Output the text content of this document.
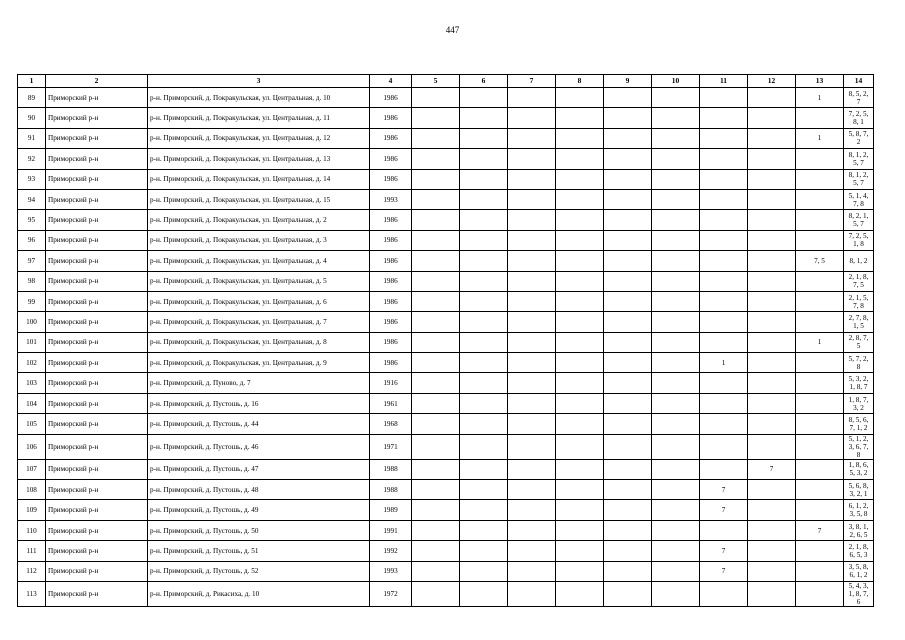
447
1	2	3	4	5	6	7	8	9	10	11	12	13	14
89	Приморский р-н	р-н. Приморский, д. Покракульская, ул. Центральная, д. 10	1986									1	8, 5, 2, 7
90	Приморский р-н	р-н. Приморский, д. Покракульская, ул. Центральная, д. 11	1986										7, 2, 5, 8, 1
91	Приморский р-н	р-н. Приморский, д. Покракульская, ул. Центральная, д. 12	1986									1	5, 8, 7, 2
92	Приморский р-н	р-н. Приморский, д. Покракульская, ул. Центральная, д. 13	1986										8, 1, 2, 5, 7
93	Приморский р-н	р-н. Приморский, д. Покракульская, ул. Центральная, д. 14	1986										8, 1, 2, 5, 7
94	Приморский р-н	р-н. Приморский, д. Покракульская, ул. Центральная, д. 15	1993										5, 1, 4, 7, 8
95	Приморский р-н	р-н. Приморский, д. Покракульская, ул. Центральная, д. 2	1986										8, 2, 1, 5, 7
96	Приморский р-н	р-н. Приморский, д. Покракульская, ул. Центральная, д. 3	1986										7, 2, 5, 1, 8
97	Приморский р-н	р-н. Приморский, д. Покракульская, ул. Центральная, д. 4	1986									7, 5	8, 1, 2
98	Приморский р-н	р-н. Приморский, д. Покракульская, ул. Центральная, д. 5	1986										2, 1, 8, 7, 5
99	Приморский р-н	р-н. Приморский, д. Покракульская, ул. Центральная, д. 6	1986										2, 1, 5, 7, 8
100	Приморский р-н	р-н. Приморский, д. Покракульская, ул. Центральная, д. 7	1986										2, 7, 8, 1, 5
101	Приморский р-н	р-н. Приморский, д. Покракульская, ул. Центральная, д. 8	1986									1	2, 8, 7, 5
102	Приморский р-н	р-н. Приморский, д. Покракульская, ул. Центральная, д. 9	1986							1			5, 7, 2, 8
103	Приморский р-н	р-н. Приморский, д. Пуново, д. 7	1916										5, 3, 2, 1, 8, 7
104	Приморский р-н	р-н. Приморский, д. Пустошь, д. 16	1961										1, 8, 7, 3, 2
105	Приморский р-н	р-н. Приморский, д. Пустошь, д. 44	1968										8, 5, 6, 7, 1, 2
106	Приморский р-н	р-н. Приморский, д. Пустошь, д. 46	1971										5, 1, 2, 3, 6, 7, 8
107	Приморский р-н	р-н. Приморский, д. Пустошь, д. 47	1988								7		1, 8, 6, 5, 3, 2
108	Приморский р-н	р-н. Приморский, д. Пустошь, д. 48	1988							7			5, 6, 8, 3, 2, 1
109	Приморский р-н	р-н. Приморский, д. Пустошь, д. 49	1989							7			6, 1, 2, 3, 5, 8
110	Приморский р-н	р-н. Приморский, д. Пустошь, д. 50	1991									7	3, 8, 1, 2, 6, 5
111	Приморский р-н	р-н. Приморский, д. Пустошь, д. 51	1992							7			2, 1, 8, 6, 5, 3
112	Приморский р-н	р-н. Приморский, д. Пустошь, д. 52	1993							7			3, 5, 8, 6, 1, 2
113	Приморский р-н	р-н. Приморский, д. Рикасиха, д. 10	1972										5, 4, 3, 1, 8, 7, 6
